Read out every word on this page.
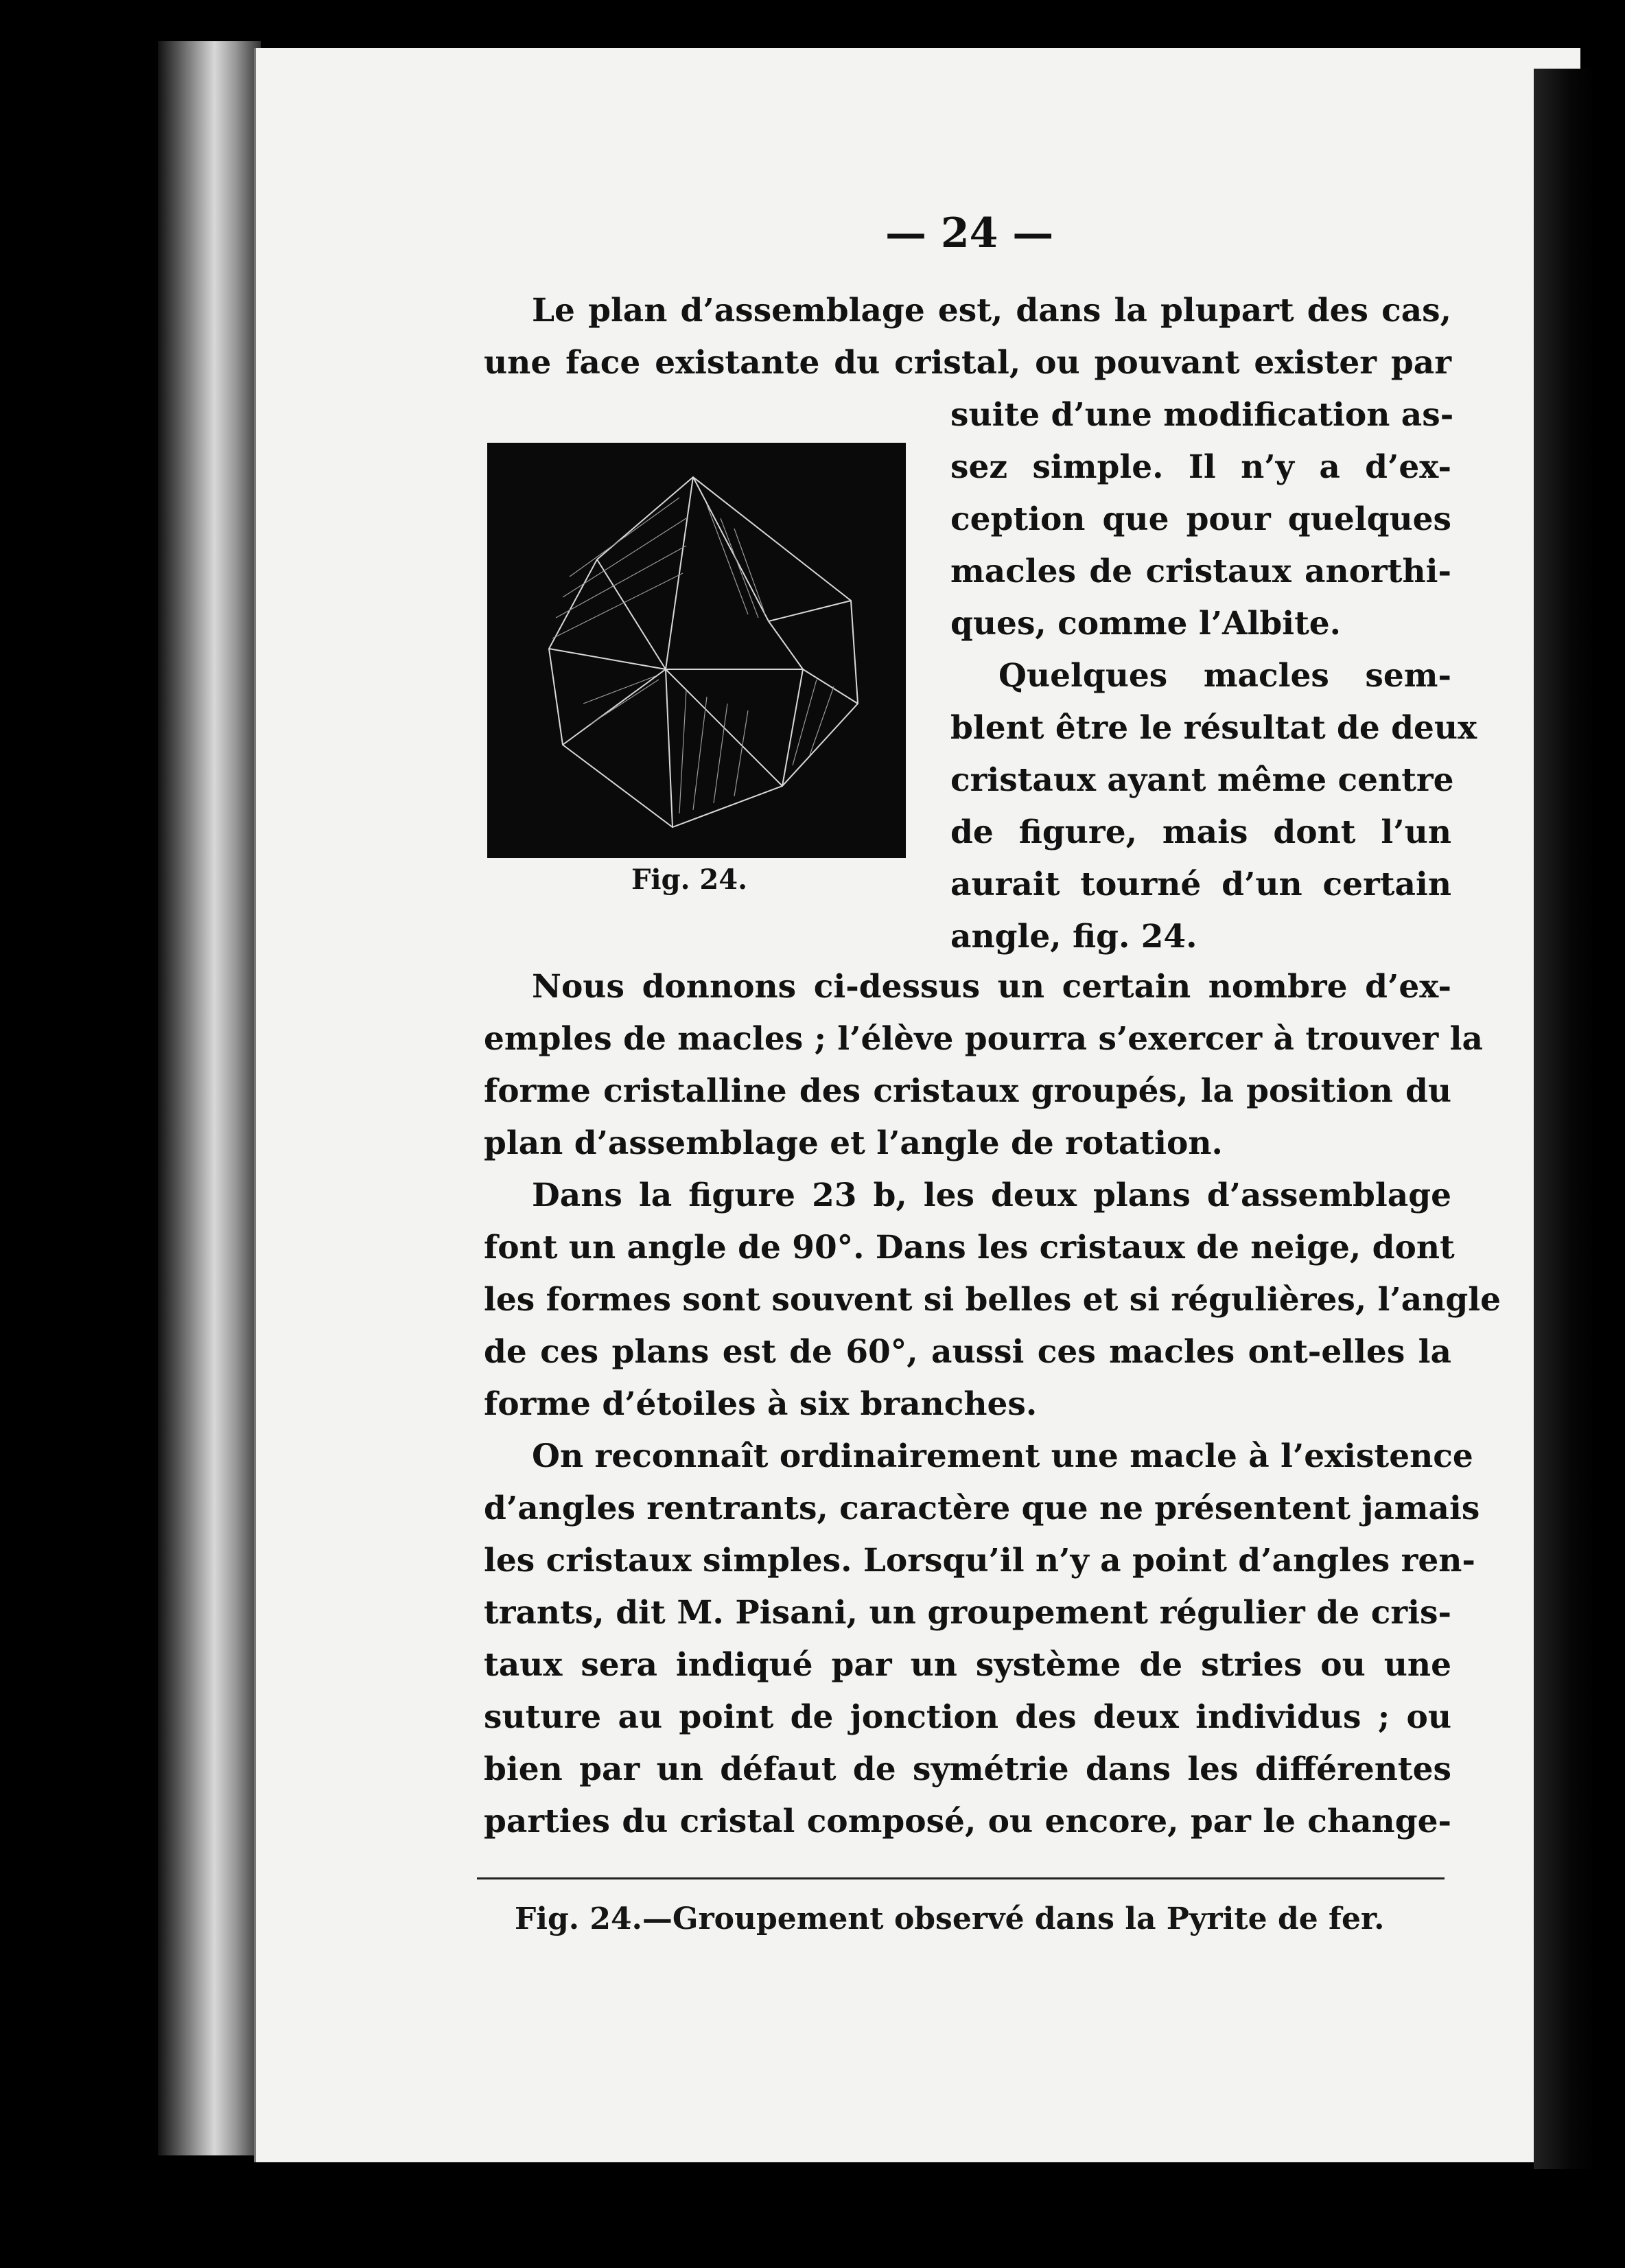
— 24 —
Le plan d’assemblage est, dans la plupart des cas,
une face existante du cristal, ou pouvant exister par
Fig. 24.
suite d’une modification as-
sez simple. Il n’y a d’ex-
ception que pour quelques
macles de cristaux anorthi-
ques, comme l’Albite.
Quelques macles sem-
blent être le résultat de deux
cristaux ayant même centre
de figure, mais dont l’un
aurait tourné d’un certain
angle, fig. 24.
Nous donnons ci-dessus un certain nombre d’ex-
emples de macles ; l’élève pourra s’exercer à trouver la
forme cristalline des cristaux groupés, la position du
plan d’assemblage et l’angle de rotation.
Dans la figure 23 b, les deux plans d’assemblage
font un angle de 90°. Dans les cristaux de neige, dont
les formes sont souvent si belles et si régulières, l’angle
de ces plans est de 60°, aussi ces macles ont-elles la
forme d’étoiles à six branches.
On reconnaît ordinairement une macle à l’existence
d’angles rentrants, caractère que ne présentent jamais
les cristaux simples. Lorsqu’il n’y a point d’angles ren-
trants, dit M. Pisani, un groupement régulier de cris-
taux sera indiqué par un système de stries ou une
suture au point de jonction des deux individus ; ou
bien par un défaut de symétrie dans les différentes
parties du cristal composé, ou encore, par le change-
Fig. 24.—Groupement observé dans la Pyrite de fer.
